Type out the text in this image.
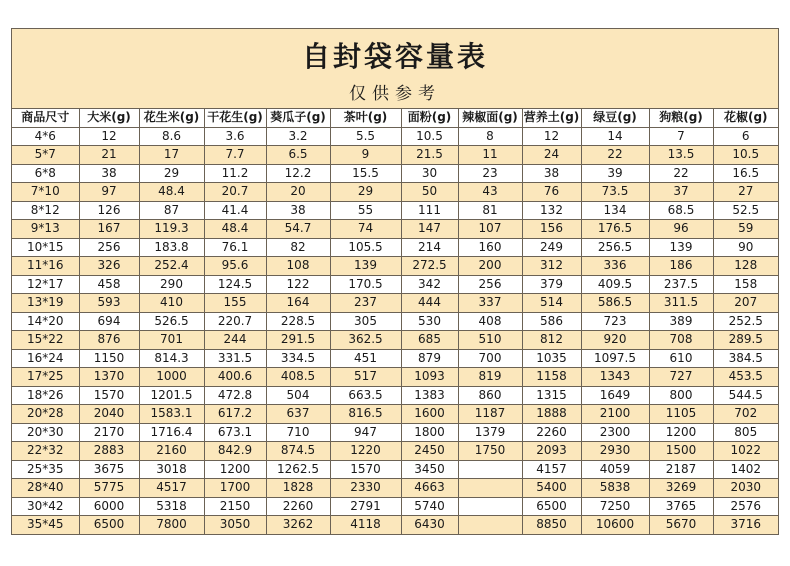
自封袋容量表
仅供参考
商品尺寸	大米(g)	花生米(g)	干花生(g)	葵瓜子(g)	茶叶(g)	面粉(g)	辣椒面(g)	营养土(g)	绿豆(g)	狗粮(g)	花椒(g)
4*6	12	8.6	3.6	3.2	5.5	10.5	8	12	14	7	6
5*7	21	17	7.7	6.5	9	21.5	11	24	22	13.5	10.5
6*8	38	29	11.2	12.2	15.5	30	23	38	39	22	16.5
7*10	97	48.4	20.7	20	29	50	43	76	73.5	37	27
8*12	126	87	41.4	38	55	111	81	132	134	68.5	52.5
9*13	167	119.3	48.4	54.7	74	147	107	156	176.5	96	59
10*15	256	183.8	76.1	82	105.5	214	160	249	256.5	139	90
11*16	326	252.4	95.6	108	139	272.5	200	312	336	186	128
12*17	458	290	124.5	122	170.5	342	256	379	409.5	237.5	158
13*19	593	410	155	164	237	444	337	514	586.5	311.5	207
14*20	694	526.5	220.7	228.5	305	530	408	586	723	389	252.5
15*22	876	701	244	291.5	362.5	685	510	812	920	708	289.5
16*24	1150	814.3	331.5	334.5	451	879	700	1035	1097.5	610	384.5
17*25	1370	1000	400.6	408.5	517	1093	819	1158	1343	727	453.5
18*26	1570	1201.5	472.8	504	663.5	1383	860	1315	1649	800	544.5
20*28	2040	1583.1	617.2	637	816.5	1600	1187	1888	2100	1105	702
20*30	2170	1716.4	673.1	710	947	1800	1379	2260	2300	1200	805
22*32	2883	2160	842.9	874.5	1220	2450	1750	2093	2930	1500	1022
25*35	3675	3018	1200	1262.5	1570	3450		4157	4059	2187	1402
28*40	5775	4517	1700	1828	2330	4663		5400	5838	3269	2030
30*42	6000	5318	2150	2260	2791	5740		6500	7250	3765	2576
35*45	6500	7800	3050	3262	4118	6430		8850	10600	5670	3716
